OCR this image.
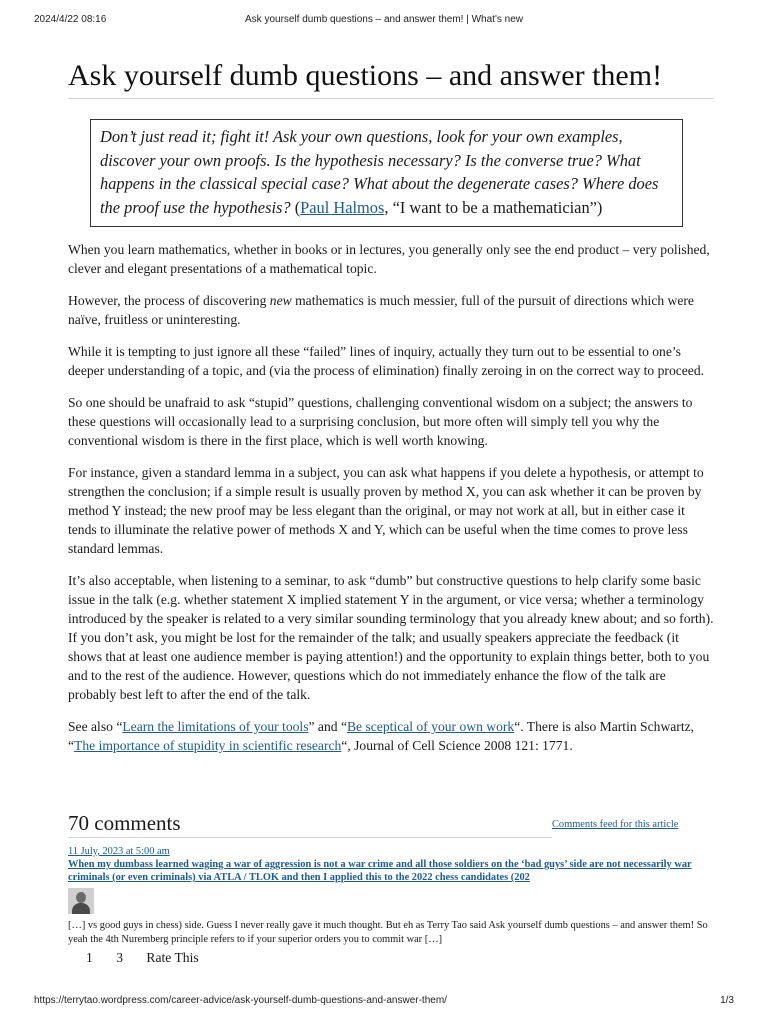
2024/4/22 08:16	Ask yourself dumb questions – and answer them! | What's new
Ask yourself dumb questions – and answer them!
Don’t just read it; fight it! Ask your own questions, look for your own examples, discover your own proofs. Is the hypothesis necessary? Is the converse true? What happens in the classical special case? What about the degenerate cases? Where does the proof use the hypothesis? (Paul Halmos, “I want to be a mathematician”)

When you learn mathematics, whether in books or in lectures, you generally only see the end product – very polished, clever and elegant presentations of a mathematical topic.

However, the process of discovering new mathematics is much messier, full of the pursuit of directions which were naïve, fruitless or uninteresting.

While it is tempting to just ignore all these “failed” lines of inquiry, actually they turn out to be essential to one’s deeper understanding of a topic, and (via the process of elimination) finally zeroing in on the correct way to proceed.

So one should be unafraid to ask “stupid” questions, challenging conventional wisdom on a subject; the answers to these questions will occasionally lead to a surprising conclusion, but more often will simply tell you why the conventional wisdom is there in the first place, which is well worth knowing.

For instance, given a standard lemma in a subject, you can ask what happens if you delete a hypothesis, or attempt to strengthen the conclusion; if a simple result is usually proven by method X, you can ask whether it can be proven by method Y instead; the new proof may be less elegant than the original, or may not work at all, but in either case it tends to illuminate the relative power of methods X and Y, which can be useful when the time comes to prove less standard lemmas.

It’s also acceptable, when listening to a seminar, to ask “dumb” but constructive questions to help clarify some basic issue in the talk (e.g. whether statement X implied statement Y in the argument, or vice versa; whether a terminology introduced by the speaker is related to a very similar sounding terminology that you already knew about; and so forth). If you don’t ask, you might be lost for the remainder of the talk; and usually speakers appreciate the feedback (it shows that at least one audience member is paying attention!) and the opportunity to explain things better, both to you and to the rest of the audience. However, questions which do not immediately enhance the flow of the talk are probably best left to after the end of the talk.

See also “Learn the limitations of your tools” and “Be sceptical of your own work“. There is also Martin Schwartz, “The importance of stupidity in scientific research“, Journal of Cell Science 2008 121: 1771.

70 comments	Comments feed for this article
11 July, 2023 at 5:00 am
When my dumbass learned waging a war of aggression is not a war crime and all those soldiers on the ‘bad guys’ side are not necessarily war criminals (or even criminals) via ATLA / TLOK and then I applied this to the 2022 chess candidates (202
[…] vs good guys in chess) side. Guess I never really gave it much thought. But eh as Terry Tao said Ask yourself dumb questions – and answer them! So yeah the 4th Nuremberg principle refers to if your superior orders you to commit war […]
1 3 Rate This
https://terrytao.wordpress.com/career-advice/ask-yourself-dumb-questions-and-answer-them/	1/3
